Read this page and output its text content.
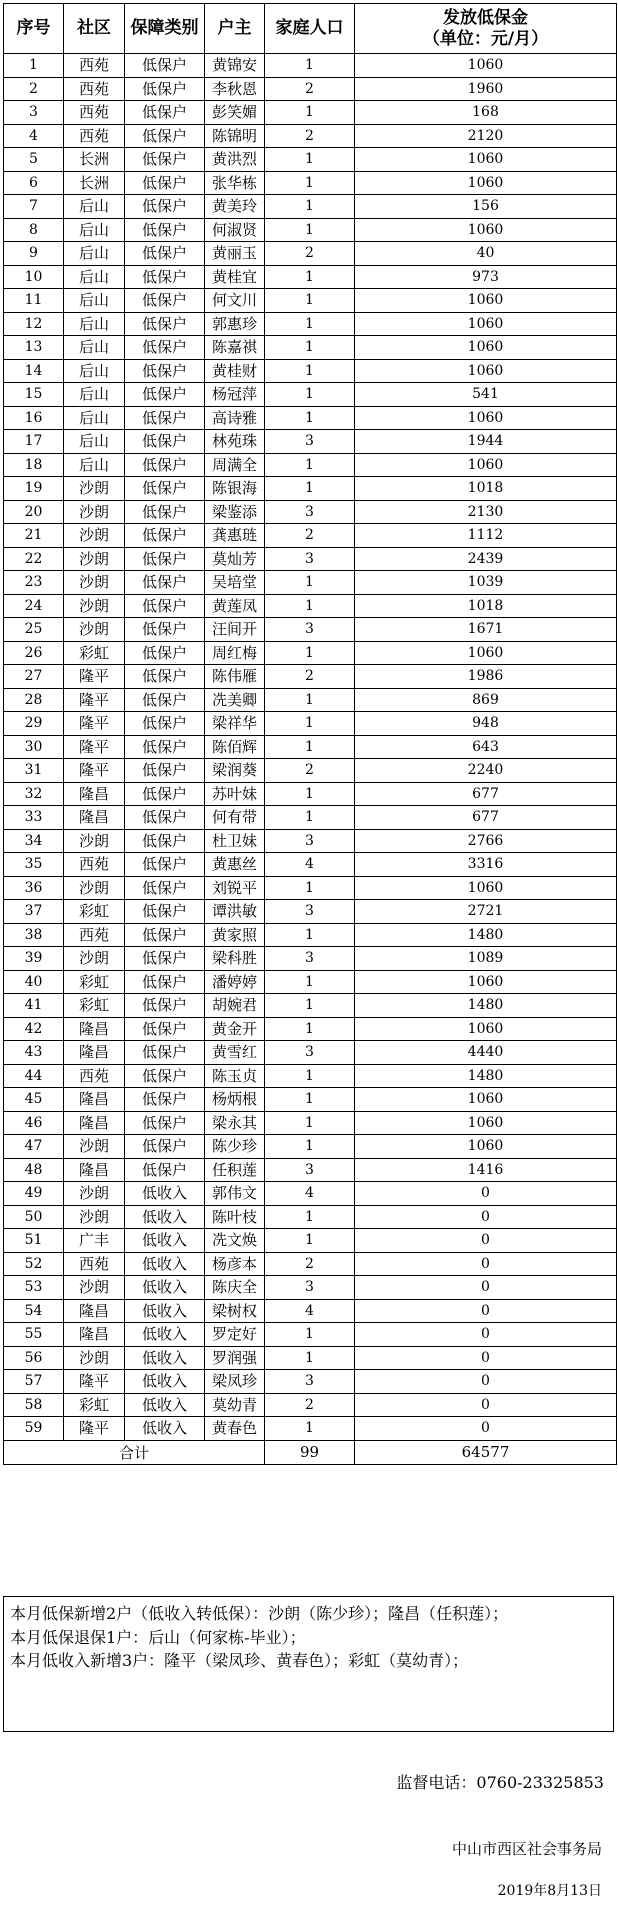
序号	社区	保障类别	户主	家庭人口	发放低保金
（单位：元/月）

1	西苑	低保户	黄锦安	1	1060
2	西苑	低保户	李秋恩	2	1960
3	西苑	低保户	彭笑媚	1	168
4	西苑	低保户	陈锦明	2	2120
5	长洲	低保户	黄洪烈	1	1060
6	长洲	低保户	张华栋	1	1060
7	后山	低保户	黄美玲	1	156
8	后山	低保户	何淑贤	1	1060
9	后山	低保户	黄丽玉	2	40
10	后山	低保户	黄桂宜	1	973
11	后山	低保户	何文川	1	1060
12	后山	低保户	郭惠珍	1	1060
13	后山	低保户	陈嘉祺	1	1060
14	后山	低保户	黄桂财	1	1060
15	后山	低保户	杨冠萍	1	541
16	后山	低保户	高诗雅	1	1060
17	后山	低保户	林苑珠	3	1944
18	后山	低保户	周满全	1	1060
19	沙朗	低保户	陈银海	1	1018
20	沙朗	低保户	梁鉴添	3	2130
21	沙朗	低保户	龚惠琏	2	1112
22	沙朗	低保户	莫灿芳	3	2439
23	沙朗	低保户	吴培堂	1	1039
24	沙朗	低保户	黄莲凤	1	1018
25	沙朗	低保户	汪间开	3	1671
26	彩虹	低保户	周红梅	1	1060
27	隆平	低保户	陈伟雁	2	1986
28	隆平	低保户	冼美卿	1	869
29	隆平	低保户	梁祥华	1	948
30	隆平	低保户	陈佰辉	1	643
31	隆平	低保户	梁润葵	2	2240
32	隆昌	低保户	苏叶妹	1	677
33	隆昌	低保户	何有带	1	677
34	沙朗	低保户	杜卫妹	3	2766
35	西苑	低保户	黄惠丝	4	3316
36	沙朗	低保户	刘锐平	1	1060
37	彩虹	低保户	谭洪敏	3	2721
38	西苑	低保户	黄家照	1	1480
39	沙朗	低保户	梁科胜	3	1089
40	彩虹	低保户	潘婷婷	1	1060
41	彩虹	低保户	胡婉君	1	1480
42	隆昌	低保户	黄金开	1	1060
43	隆昌	低保户	黄雪红	3	4440
44	西苑	低保户	陈玉贞	1	1480
45	隆昌	低保户	杨炳根	1	1060
46	隆昌	低保户	梁永其	1	1060
47	沙朗	低保户	陈少珍	1	1060
48	隆昌	低保户	任积莲	3	1416
49	沙朗	低收入	郭伟文	4	0
50	沙朗	低收入	陈叶枝	1	0
51	广丰	低收入	冼文焕	1	0
52	西苑	低收入	杨彦本	2	0
53	沙朗	低收入	陈庆全	3	0
54	隆昌	低收入	梁树权	4	0
55	隆昌	低收入	罗定好	1	0
56	沙朗	低收入	罗润强	1	0
57	隆平	低收入	梁凤珍	3	0
58	彩虹	低收入	莫幼青	2	0
59	隆平	低收入	黄春色	1	0
合计				99	64577

本月低保新增2户（低收入转低保）：沙朗（陈少珍）；隆昌（任积莲）；

本月低保退保1户：后山（何家栋-毕业）；

本月低收入新增3户：隆平（梁凤珍、黄春色）；彩虹（莫幼青）；

监督电话：0760-23325853
中山市西区社会事务局
2019年8月13日
